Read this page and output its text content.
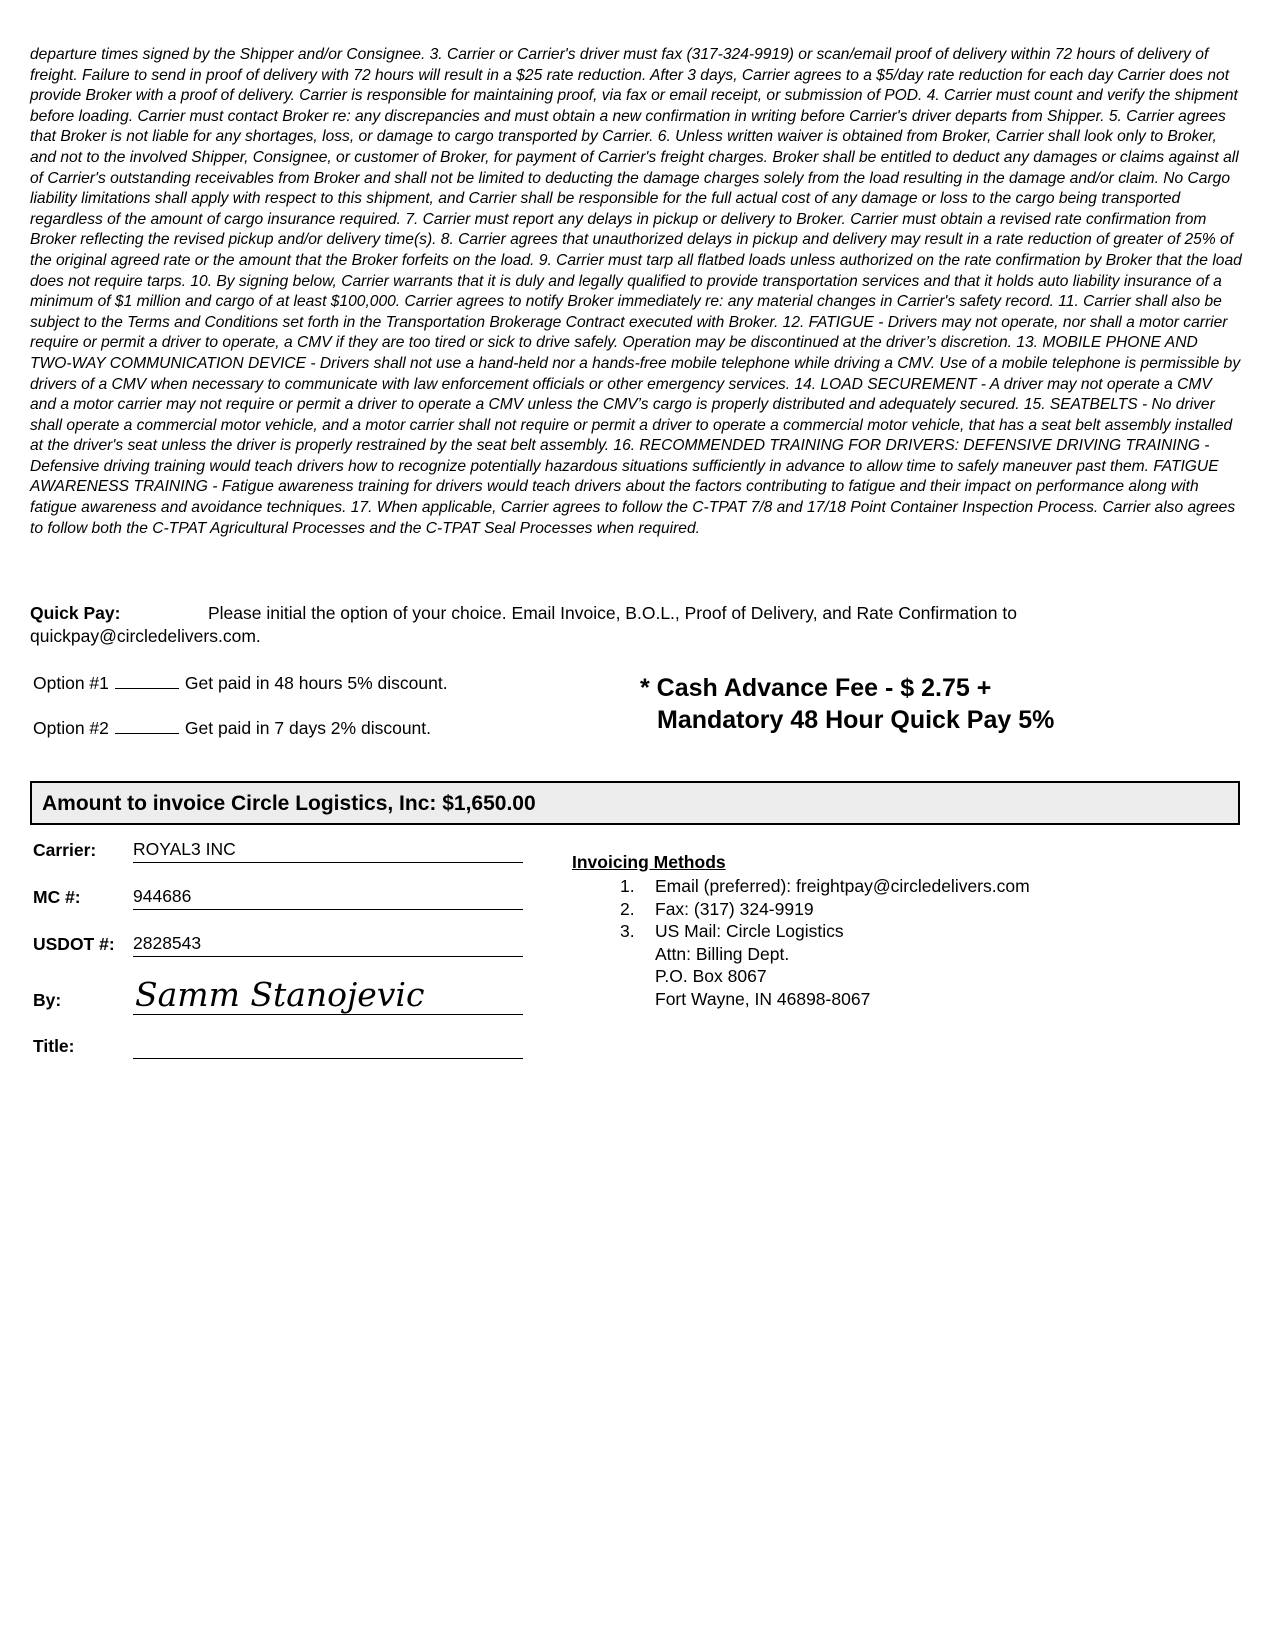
departure times signed by the Shipper and/or Consignee. 3. Carrier or Carrier's driver must fax (317-324-9919) or scan/email proof of delivery within 72 hours of delivery of freight. Failure to send in proof of delivery with 72 hours will result in a $25 rate reduction. After 3 days, Carrier agrees to a $5/day rate reduction for each day Carrier does not provide Broker with a proof of delivery. Carrier is responsible for maintaining proof, via fax or email receipt, or submission of POD. 4. Carrier must count and verify the shipment before loading. Carrier must contact Broker re: any discrepancies and must obtain a new confirmation in writing before Carrier's driver departs from Shipper. 5. Carrier agrees that Broker is not liable for any shortages, loss, or damage to cargo transported by Carrier. 6. Unless written waiver is obtained from Broker, Carrier shall look only to Broker, and not to the involved Shipper, Consignee, or customer of Broker, for payment of Carrier's freight charges. Broker shall be entitled to deduct any damages or claims against all of Carrier's outstanding receivables from Broker and shall not be limited to deducting the damage charges solely from the load resulting in the damage and/or claim. No Cargo liability limitations shall apply with respect to this shipment, and Carrier shall be responsible for the full actual cost of any damage or loss to the cargo being transported regardless of the amount of cargo insurance required. 7. Carrier must report any delays in pickup or delivery to Broker. Carrier must obtain a revised rate confirmation from Broker reflecting the revised pickup and/or delivery time(s). 8. Carrier agrees that unauthorized delays in pickup and delivery may result in a rate reduction of greater of 25% of the original agreed rate or the amount that the Broker forfeits on the load. 9. Carrier must tarp all flatbed loads unless authorized on the rate confirmation by Broker that the load does not require tarps. 10. By signing below, Carrier warrants that it is duly and legally qualified to provide transportation services and that it holds auto liability insurance of a minimum of $1 million and cargo of at least $100,000. Carrier agrees to notify Broker immediately re: any material changes in Carrier's safety record. 11. Carrier shall also be subject to the Terms and Conditions set forth in the Transportation Brokerage Contract executed with Broker. 12. FATIGUE - Drivers may not operate, nor shall a motor carrier require or permit a driver to operate, a CMV if they are too tired or sick to drive safely. Operation may be discontinued at the driver’s discretion. 13. MOBILE PHONE AND TWO-WAY COMMUNICATION DEVICE - Drivers shall not use a hand-held nor a hands-free mobile telephone while driving a CMV. Use of a mobile telephone is permissible by drivers of a CMV when necessary to communicate with law enforcement officials or other emergency services. 14. LOAD SECUREMENT - A driver may not operate a CMV and a motor carrier may not require or permit a driver to operate a CMV unless the CMV’s cargo is properly distributed and adequately secured. 15. SEATBELTS - No driver shall operate a commercial motor vehicle, and a motor carrier shall not require or permit a driver to operate a commercial motor vehicle, that has a seat belt assembly installed at the driver's seat unless the driver is properly restrained by the seat belt assembly. 16. RECOMMENDED TRAINING FOR DRIVERS: DEFENSIVE DRIVING TRAINING - Defensive driving training would teach drivers how to recognize potentially hazardous situations sufficiently in advance to allow time to safely maneuver past them. FATIGUE AWARENESS TRAINING - Fatigue awareness training for drivers would teach drivers about the factors contributing to fatigue and their impact on performance along with fatigue awareness and avoidance techniques. 17. When applicable, Carrier agrees to follow the C-TPAT 7/8 and 17/18 Point Container Inspection Process. Carrier also agrees to follow both the C-TPAT Agricultural Processes and the C-TPAT Seal Processes when required.

Quick Pay:	Please initial the option of your choice. Email Invoice, B.O.L., Proof of Delivery, and Rate Confirmation to
quickpay@circledelivers.com.
Option #1	Get paid in 48 hours 5% discount.
Option #2	Get paid in 7 days 2% discount.
* Cash Advance Fee - $ 2.75 +
Mandatory 48 Hour Quick Pay 5%
Amount to invoice Circle Logistics, Inc: $1,650.00
Carrier: ROYAL3 INC
MC #:	944686
USDOT #: 2828543
By: Samm Stanojevic
Title:
Invoicing Methods
1. Email (preferred): freightpay@circledelivers.com
2. Fax: (317) 324-9919
3. US Mail: Circle Logistics
Attn: Billing Dept.
P.O. Box 8067
Fort Wayne, IN 46898-8067
